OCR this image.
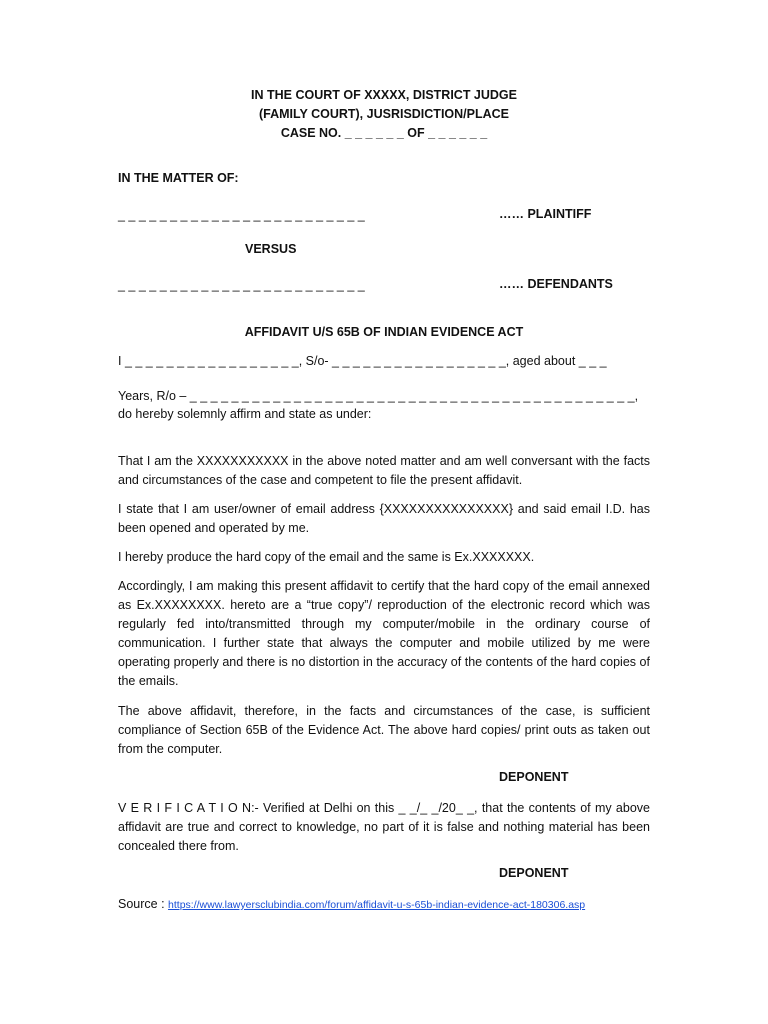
IN THE COURT OF XXXXX, DISTRICT JUDGE
(FAMILY COURT), JUSRISDICTION/PLACE
CASE NO. _ _ _ _ _ _ OF _ _ _ _ _ _
IN THE MATTER OF:
_ _ _ _ _ _ _ _ _ _ _ _ _ _ _ _ _ _ _ _ _ _ _ _	…… PLAINTIFF
VERSUS
_ _ _ _ _ _ _ _ _ _ _ _ _ _ _ _ _ _ _ _ _ _ _ _	…… DEFENDANTS
AFFIDAVIT U/S 65B OF INDIAN EVIDENCE ACT
I _ _ _ _ _ _ _ _ _ _ _ _ _ _ _ _ _, S/o- _ _ _ _ _ _ _ _ _ _ _ _ _ _ _ _ _, aged about _ _ _
Years, R/o – _ _ _ _ _ _ _ _ _ _ _ _ _ _ _ _ _ _ _ _ _ _ _ _ _ _ _ _ _ _ _ _ _ _ _ _ _ _ _ _ _ _ _,
do hereby solemnly affirm and state as under:
That I am the XXXXXXXXXXX in the above noted matter and am well conversant with the facts and circumstances of the case and competent to file the present affidavit.
I state that I am user/owner of email address {XXXXXXXXXXXXXXX} and said email I.D. has been opened and operated by me.
I hereby produce the hard copy of the email and the same is Ex.XXXXXXX.
Accordingly, I am making this present affidavit to certify that the hard copy of the email annexed as Ex.XXXXXXXX. hereto are a “true copy”/ reproduction of the electronic record which was regularly fed into/transmitted through my computer/mobile in the ordinary course of communication. I further state that always the computer and mobile utilized by me were operating properly and there is no distortion in the accuracy of the contents of the hard copies of the emails.
The above affidavit, therefore, in the facts and circumstances of the case, is sufficient compliance of Section 65B of the Evidence Act. The above hard copies/ print outs as taken out from the computer.
DEPONENT
V E R I F I C A T I O N:- Verified at Delhi on this _ _/_ _/20_ _, that the contents of my above affidavit are true and correct to knowledge, no part of it is false and nothing material has been concealed there from.
DEPONENT
Source : https://www.lawyersclubindia.com/forum/affidavit-u-s-65b-indian-evidence-act-180306.asp
